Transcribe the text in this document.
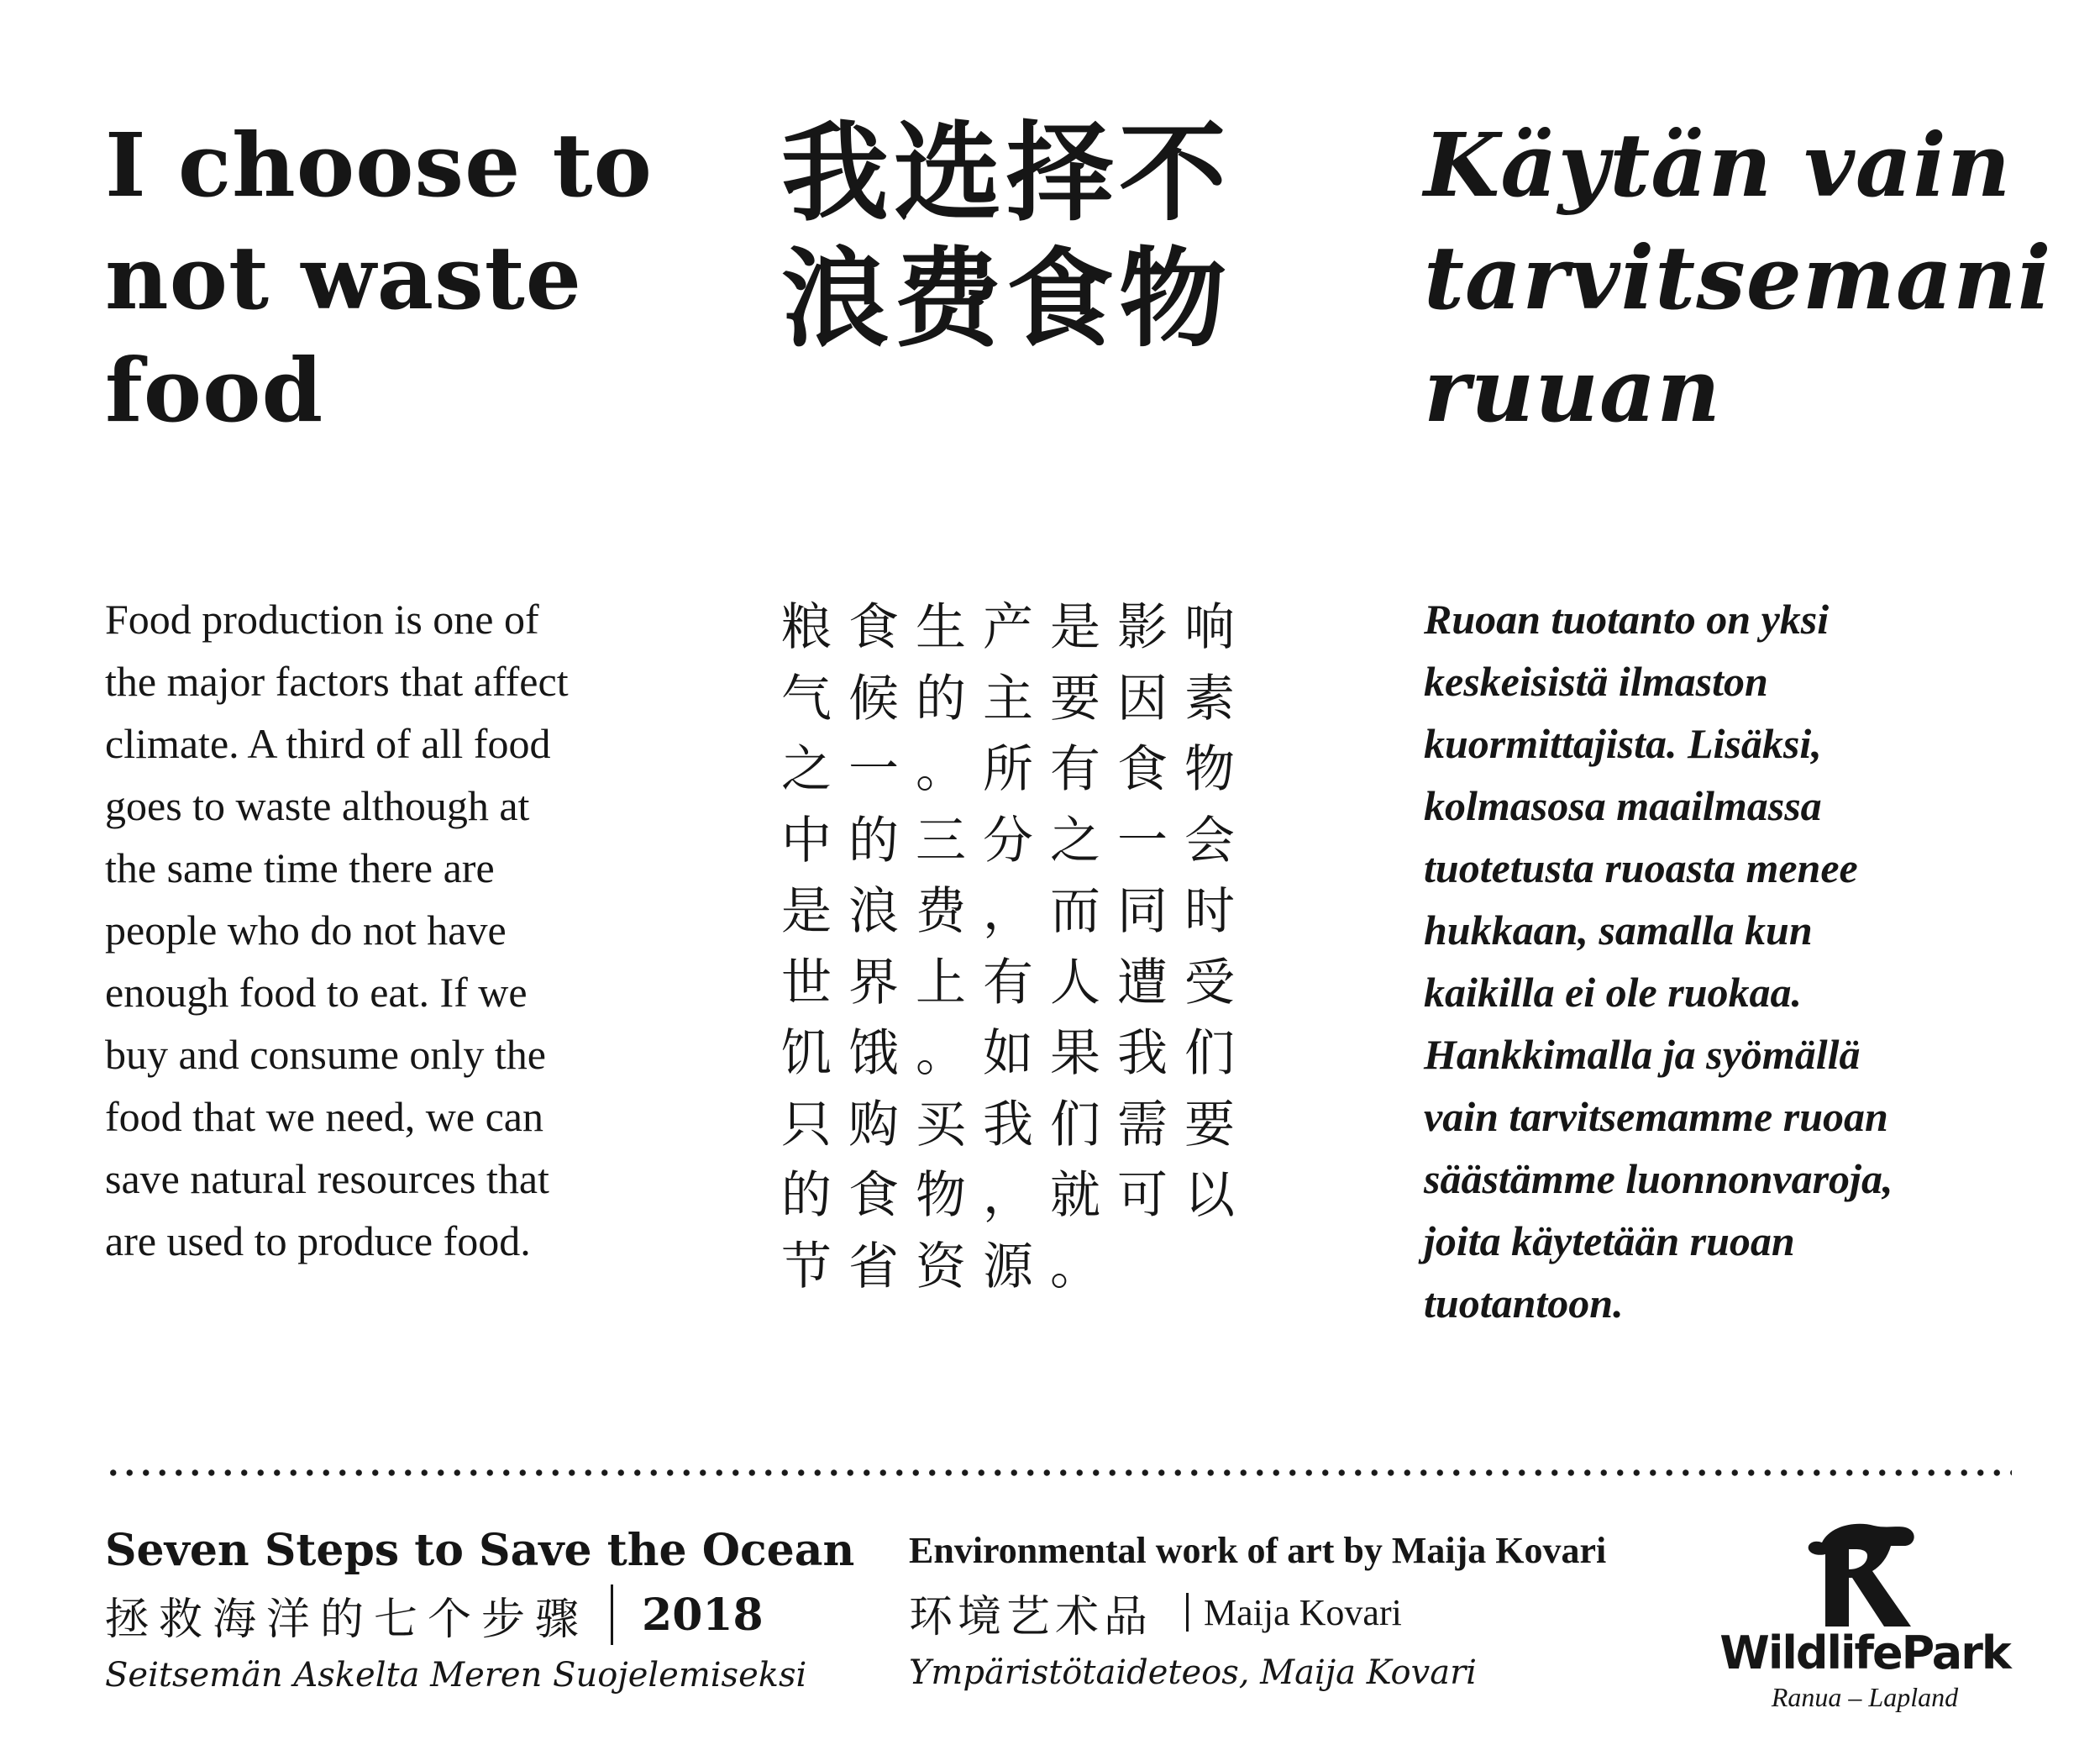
I choose to
not waste
food
我选择不
浪费食物
Käytän vain
tarvitsemani
ruuan
Food production is one of
the major factors that affect
climate. A third of all food
goes to waste although at
the same time there are
people who do not have
enough food to eat. If we
buy and consume only the
food that we need, we can
save natural resources that
are used to produce food.
粮食生产是影响
气候的主要因素
之一。所有食物
中的三分之一会
是浪费，而同时
世界上有人遭受
饥饿。如果我们
只购买我们需要
的食物，就可以
节省资源。
Ruoan tuotanto on yksi
keskeisistä ilmaston
kuormittajista. Lisäksi,
kolmasosa maailmassa
tuotetusta ruoasta menee
hukkaan, samalla kun
kaikilla ei ole ruokaa.
Hankkimalla ja syömällä
vain tarvitsemamme ruoan
säästämme luonnonvaroja,
joita käytetään ruoan
tuotantoon.
Seven Steps to Save the Ocean
拯救海洋的七个步骤 2018
Seitsemän Askelta Meren Suojelemiseksi
Environmental work of art by Maija Kovari
环境艺术品 Maija Kovari
Ympäristötaideteos, Maija Kovari	WildlifePark
Ranua – Lapland
